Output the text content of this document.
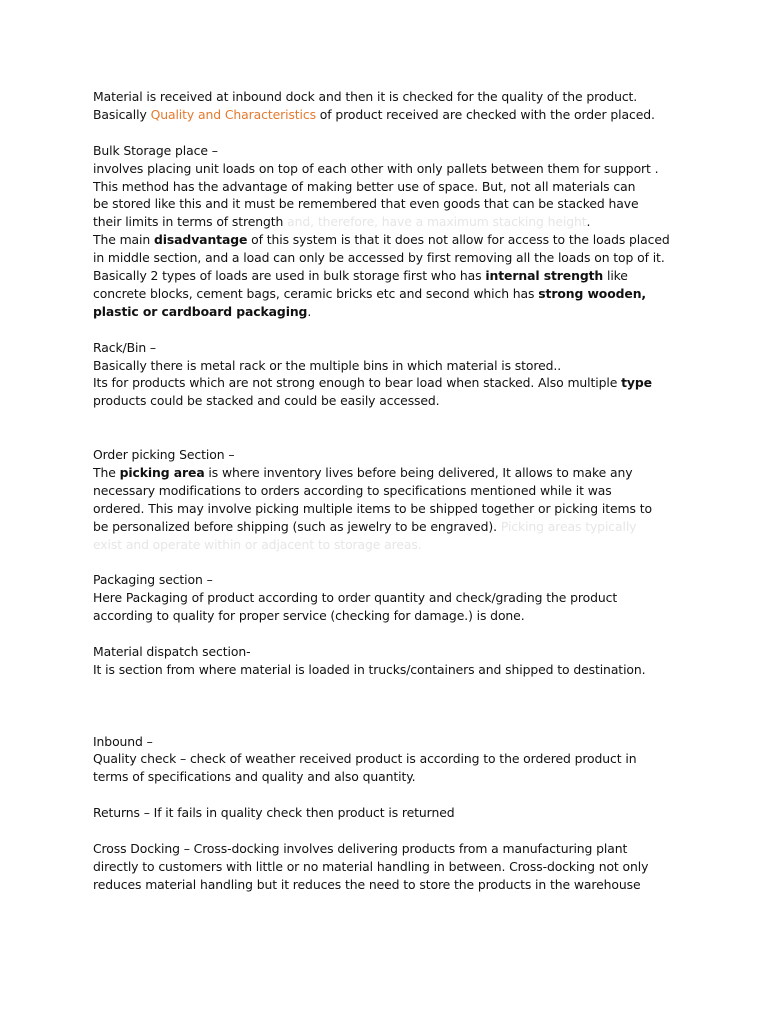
Material is received at inbound dock and then it is checked for the quality of the product.
Basically Quality and Characteristics of product received are checked with the order placed.
Bulk Storage place –
involves placing unit loads on top of each other with only pallets between them for support .
This method has the advantage of making better use of space. But, not all materials can
be stored like this and it must be remembered that even goods that can be stacked have
their limits in terms of strength and, therefore, have a maximum stacking height.
The main disadvantage of this system is that it does not allow for access to the loads placed
in middle section, and a load can only be accessed by first removing all the loads on top of it.
Basically 2 types of loads are used in bulk storage first who has internal strength like
concrete blocks, cement bags, ceramic bricks etc and second which has strong wooden,
plastic or cardboard packaging.
Rack/Bin –
Basically there is metal rack or the multiple bins in which material is stored..
Its for products which are not strong enough to bear load when stacked. Also multiple type
products could be stacked and could be easily accessed.
Order picking Section –
The picking area is where inventory lives before being delivered, It allows to make any
necessary modifications to orders according to specifications mentioned while it was
ordered. This may involve picking multiple items to be shipped together or picking items to
be personalized before shipping (such as jewelry to be engraved). Picking areas typically
exist and operate within or adjacent to storage areas.
Packaging section –
Here Packaging of product according to order quantity and check/grading the product
according to quality for proper service (checking for damage.) is done.
Material dispatch section-
It is section from where material is loaded in trucks/containers and shipped to destination.
Inbound –
Quality check – check of weather received product is according to the ordered product in
terms of specifications and quality and also quantity.
Returns – If it fails in quality check then product is returned
Cross Docking – Cross-docking involves delivering products from a manufacturing plant
directly to customers with little or no material handling in between. Cross-docking not only
reduces material handling but it reduces the need to store the products in the warehouse
